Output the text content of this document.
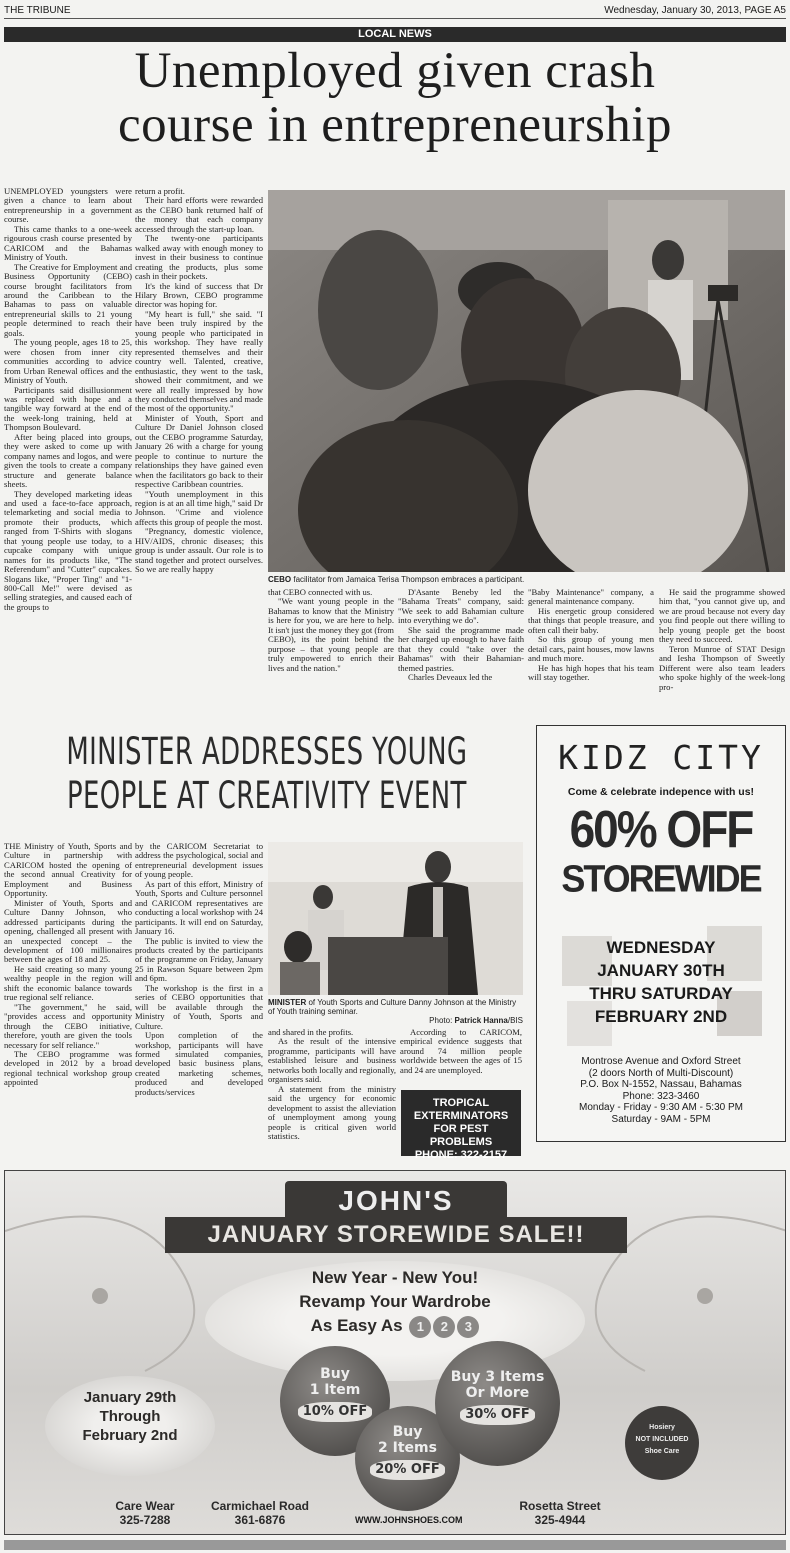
THE TRIBUNE	Wednesday, January 30, 2013, PAGE A5
LOCAL NEWS
Unemployed given crash
course in entrepreneurship

UNEMPLOYED youngsters were given a chance to learn about entrepreneurship in a government course.

This came thanks to a one-week rigourous crash course presented by CARICOM and the Bahamas Ministry of Youth.

The Creative for Employment and Business Opportunity (CEBO) course brought facilitators from around the Caribbean to the Bahamas to pass on valuable entrepreneurial skills to 21 young people determined to reach their goals.

The young people, ages 18 to 25, were chosen from inner city communities according to advice from Urban Renewal offices and the Ministry of Youth.

Participants said disillusionment was replaced with hope and a tangible way forward at the end of the week-long training, held at Thompson Boulevard.

After being placed into groups, they were asked to come up with company names and logos, and were given the tools to create a company structure and generate balance sheets.

They developed marketing ideas and used a face-to-face approach, telemarketing and social media to promote their products, which ranged from T-Shirts with slogans that young people use today, to a cupcake company with unique names for its products like, "The Referendum" and "Cutter" cupcakes. Slogans like, "Proper Ting" and "1-800-Call Me!" were devised as selling strategies, and caused each of the groups to

return a profit.

Their hard efforts were rewarded as the CEBO bank returned half of the money that each company accessed through the start-up loan.

The twenty-one participants walked away with enough money to invest in their business to continue creating the products, plus some cash in their pockets.

It's the kind of success that Dr Hilary Brown, CEBO programme director was hoping for.

"My heart is full," she said. "I have been truly inspired by the young people who participated in this workshop. They have really represented themselves and their country well. Talented, creative, enthusiastic, they went to the task, showed their commitment, and we were all really impressed by how they conducted themselves and made the most of the opportunity."

Minister of Youth, Sport and Culture Dr Daniel Johnson closed out the CEBO programme Saturday, January 26 with a charge for young people to continue to nurture the relationships they have gained even when the facilitators go back to their respective Caribbean countries.

"Youth unemployment in this region is at an all time high," said Dr Johnson. "Crime and violence affects this group of people the most.

"Pregnancy, domestic violence, HIV/AIDS, chronic diseases; this group is under assault. Our role is to stand together and protect ourselves. So we are really happy

CEBO facilitator from Jamaica Terisa Thompson embraces a participant.

that CEBO connected with us.

"We want young people in the Bahamas to know that the Ministry is here for you, we are here to help. It isn't just the money they got (from CEBO), its the point behind the purpose – that young people are truly empowered to enrich their lives and the nation."

D'Asante Beneby led the "Bahama Treats" company, said: "We seek to add Bahamian culture into everything we do".

She said the programme made her charged up enough to have faith that they could "take over the Bahamas" with their Bahamian-themed pastries.

Charles Deveaux led the

"Baby Maintenance" company, a general maintenance company.

His energetic group considered that things that people treasure, and often call their baby.

So this group of young men detail cars, paint houses, mow lawns and much more.

He has high hopes that his team will stay together.

He said the programme showed him that, "you cannot give up, and we are proud because not every day you find people out there willing to help young people get the boost they need to succeed.

Teron Munroe of STAT Design and Iesha Thompson of Sweetly Different were also team leaders who spoke highly of the week-long pro-

MINISTER ADDRESSES YOUNG
PEOPLE AT CREATIVITY EVENT

THE Ministry of Youth, Sports and Culture in partnership with CARICOM hosted the opening of the second annual Creativity for Employment and Business Opportunity.

Minister of Youth, Sports and Culture Danny Johnson, who addressed participants during the opening, challenged all present with an unexpected concept – the development of 100 millionaires between the ages of 18 and 25.

He said creating so many young wealthy people in the region will shift the economic balance towards true regional self reliance.

"The government," he said, "provides access and opportunity through the CEBO initiative, therefore, youth are given the tools necessary for self reliance."

The CEBO programme was developed in 2012 by a broad regional technical workshop group appointed

by the CARICOM Secretariat to address the psychological, social and entrepreneurial development issues of young people.

As part of this effort, Ministry of Youth, Sports and Culture personnel and CARICOM representatives are conducting a local workshop with 24 participants. It will end on Saturday, January 16.

The public is invited to view the products created by the participants of the programme on Friday, January 25 in Rawson Square between 2pm and 6pm.

The workshop is the first in a series of CEBO opportunities that will be available through the Ministry of Youth, Sports and Culture.

Upon completion of the workshop, participants will have formed simulated companies, developed basic business plans, created marketing schemes, produced and developed products/services

MINISTER of Youth Sports and Culture Danny Johnson at the Ministry of Youth training seminar.
Photo: Patrick Hanna/BIS

and shared in the profits.

As the result of the intensive programme, participants will have established leisure and business networks both locally and regionally, organisers said.

A statement from the ministry said the urgency for economic development to assist the alleviation of unemployment among young people is critical given world statistics.

According to CARICOM, empirical evidence suggests that around 74 million people worldwide between the ages of 15 and 24 are unemployed.

TROPICAL
EXTERMINATORS
FOR PEST PROBLEMS
PHONE: 322-2157
KIDZ CITY
Come & celebrate indepence with us!
60% OFF
STOREWIDE
WEDNESDAY
JANUARY 30TH
THRU SATURDAY
FEBRUARY 2ND
Montrose Avenue and Oxford Street
(2 doors North of Multi-Discount)
P.O. Box N-1552, Nassau, Bahamas
Phone: 323-3460
Monday - Friday - 9:30 AM - 5:30 PM
Saturday - 9AM - 5PM
JOHN'S
JANUARY STOREWIDE SALE!!
New Year - New You!
Revamp Your Wardrobe
As Easy As 1 2 3
January 29th
Through
February 2nd
Buy
1 Item
10% OFF
Buy
2 Items
20% OFF
Buy 3 Items
Or More
30% OFF
Hosiery
NOT INCLUDED
Shoe Care
Care Wear
325-7288
Carmichael Road
361-6876	WWW.JOHNSHOES.COM
Rosetta Street
325-4944
